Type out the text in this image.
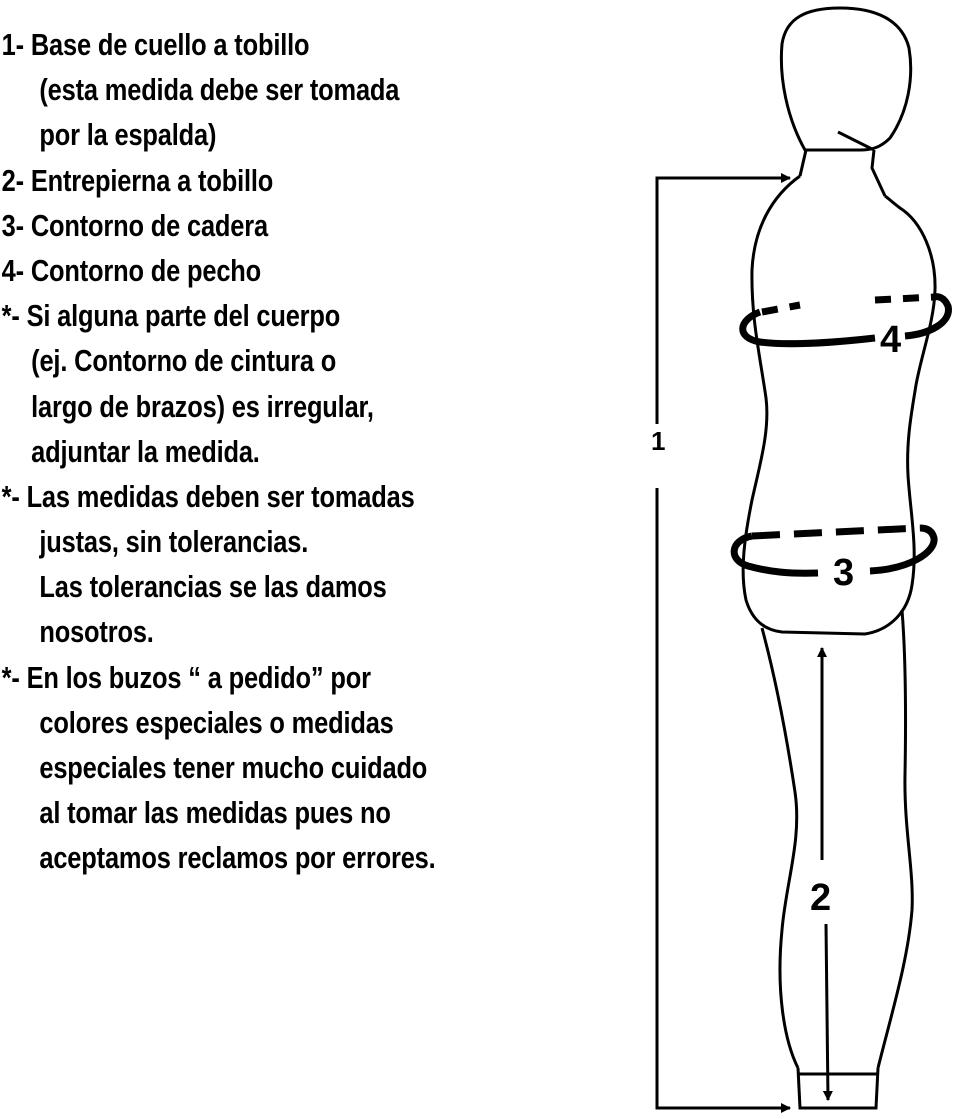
1- Base de cuello a tobillo
(esta medida debe ser tomada
por la espalda)
2- Entrepierna a tobillo
3- Contorno de cadera
4- Contorno de pecho
*- Si alguna parte del cuerpo
(ej. Contorno de cintura o
largo de brazos) es irregular,
adjuntar la medida.
*- Las medidas deben ser tomadas
justas, sin tolerancias.
Las tolerancias se las damos
nosotros.
*- En los buzos “ a pedido” por
colores especiales o medidas
especiales tener mucho cuidado
al tomar las medidas pues no
aceptamos reclamos por errores.
4
3
1
2
